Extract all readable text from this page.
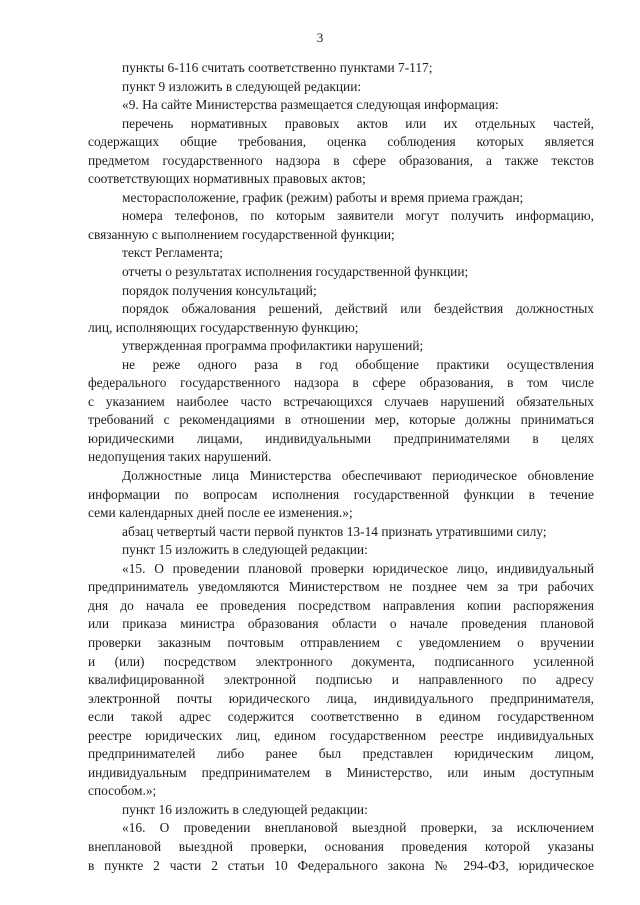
3
пункты 6-116 считать соответственно пунктами 7-117;
пункт 9 изложить в следующей редакции:
«9. На сайте Министерства размещается следующая информация:
перечень нормативных правовых актов или их отдельных частей,
содержащих общие требования, оценка соблюдения которых является
предметом государственного надзора в сфере образования, а также текстов
соответствующих нормативных правовых актов;
месторасположение, график (режим) работы и время приема граждан;
номера телефонов, по которым заявители могут получить информацию,
связанную с выполнением государственной функции;
текст Регламента;
отчеты о результатах исполнения государственной функции;
порядок получения консультаций;
порядок обжалования решений, действий или бездействия должностных
лиц, исполняющих государственную функцию;
утвержденная программа профилактики нарушений;
не реже одного раза в год обобщение практики осуществления
федерального государственного надзора в сфере образования, в том числе
с указанием наиболее часто встречающихся случаев нарушений обязательных
требований с рекомендациями в отношении мер, которые должны приниматься
юридическими лицами, индивидуальными предпринимателями в целях
недопущения таких нарушений.
Должностные лица Министерства обеспечивают периодическое обновление
информации по вопросам исполнения государственной функции в течение
семи календарных дней после ее изменения.»;
абзац четвертый части первой пунктов 13-14 признать утратившими силу;
пункт 15 изложить в следующей редакции:
«15. О проведении плановой проверки юридическое лицо, индивидуальный
предприниматель уведомляются Министерством не позднее чем за три рабочих
дня до начала ее проведения посредством направления копии распоряжения
или приказа министра образования области о начале проведения плановой
проверки заказным почтовым отправлением с уведомлением о вручении
и (или) посредством электронного документа, подписанного усиленной
квалифицированной электронной подписью и направленного по адресу
электронной почты юридического лица, индивидуального предпринимателя,
если такой адрес содержится соответственно в едином государственном
реестре юридических лиц, едином государственном реестре индивидуальных
предпринимателей либо ранее был представлен юридическим лицом,
индивидуальным предпринимателем в Министерство, или иным доступным
способом.»;
пункт 16 изложить в следующей редакции:
«16. О проведении внеплановой выездной проверки, за исключением
внеплановой выездной проверки, основания проведения которой указаны
в пункте 2 части 2 статьи 10 Федерального закона № 294-ФЗ, юридическое
